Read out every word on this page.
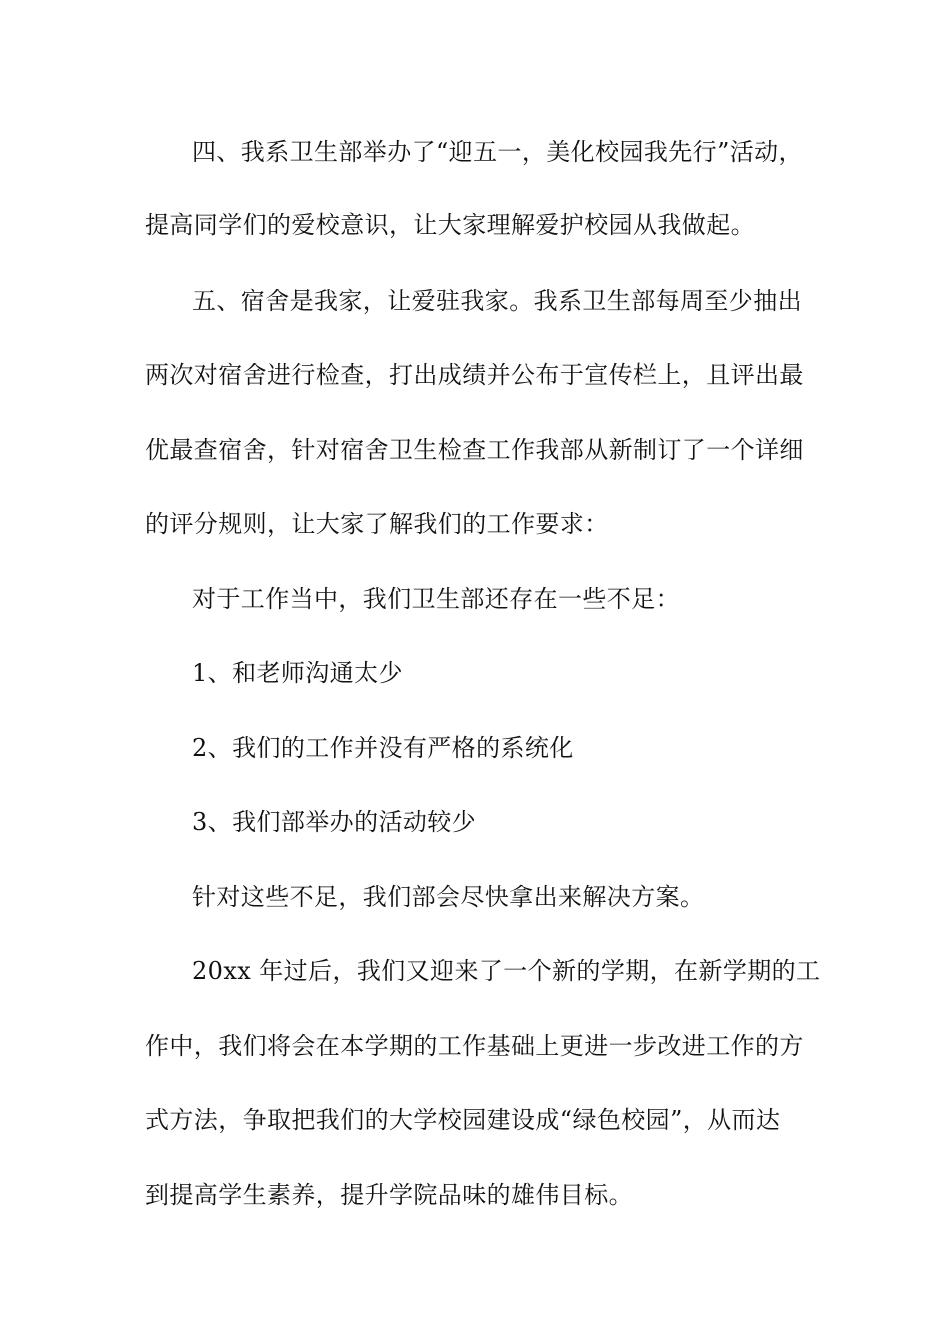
四、我系卫生部举办了“迎五一，美化校园我先行”活动，

提高同学们的爱校意识，让大家理解爱护校园从我做起。

五、宿舍是我家，让爱驻我家。我系卫生部每周至少抽出

两次对宿舍进行检查，打出成绩并公布于宣传栏上，且评出最

优最查宿舍，针对宿舍卫生检查工作我部从新制订了一个详细

的评分规则，让大家了解我们的工作要求：

对于工作当中，我们卫生部还存在一些不足：

1、和老师沟通太少

2、我们的工作并没有严格的系统化

3、我们部举办的活动较少

针对这些不足，我们部会尽快拿出来解决方案。

20xx 年过后，我们又迎来了一个新的学期，在新学期的工

作中，我们将会在本学期的工作基础上更进一步改进工作的方

式方法，争取把我们的大学校园建设成“绿色校园”，从而达

到提高学生素养，提升学院品味的雄伟目标。
